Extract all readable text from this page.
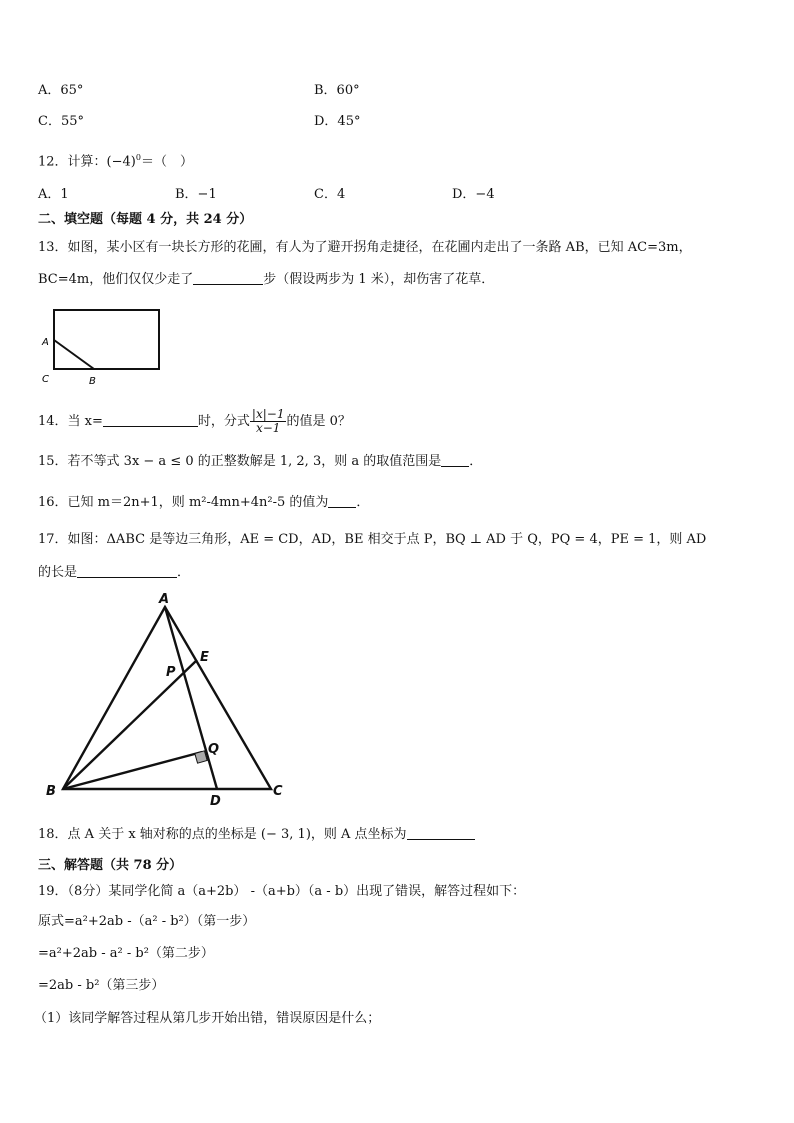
A．65°	B．60°
C．55°	D．45°
12．计算：$(-4)^0=$（　）
A．1	B．−1	C．4	D．−4
二、填空题（每题 4 分，共 24 分）
13．如图，某小区有一块长方形的花圃，有人为了避开拐角走捷径，在花圃内走出了一条路 AB，已知 AC=3m，
BC=4m，他们仅仅少走了	步（假设两步为 1 米），却伤害了花草．
A
C	B
14．当 x=	时，分式 $\frac{|x|-1}{x-1}$ 的值是 0？
15．若不等式 3x − a ≤ 0 的正整数解是 1, 2, 3，则 a 的取值范围是 ．
16．已知 m＝2n+1，则 m²-4mn+4n²-5 的值为 ．
17．如图：ΔABC 是等边三角形，AE = CD，AD，BE 相交于点 P，BQ ⊥ AD 于 Q，PQ = 4，PE = 1，则 AD
的长是	．
A
B	C
D
E
P
Q
18．点 A 关于 x 轴对称的点的坐标是 (− 3, 1)，则 A 点坐标为
三、解答题（共 78 分）
19．（8分）某同学化简 a（a+2b） -（a+b）（a - b）出现了错误，解答过程如下：
原式=a²+2ab -（a² - b²）（第一步）
=a²+2ab - a² - b²（第二步）
=2ab - b²（第三步）
（1）该同学解答过程从第几步开始出错，错误原因是什么；
